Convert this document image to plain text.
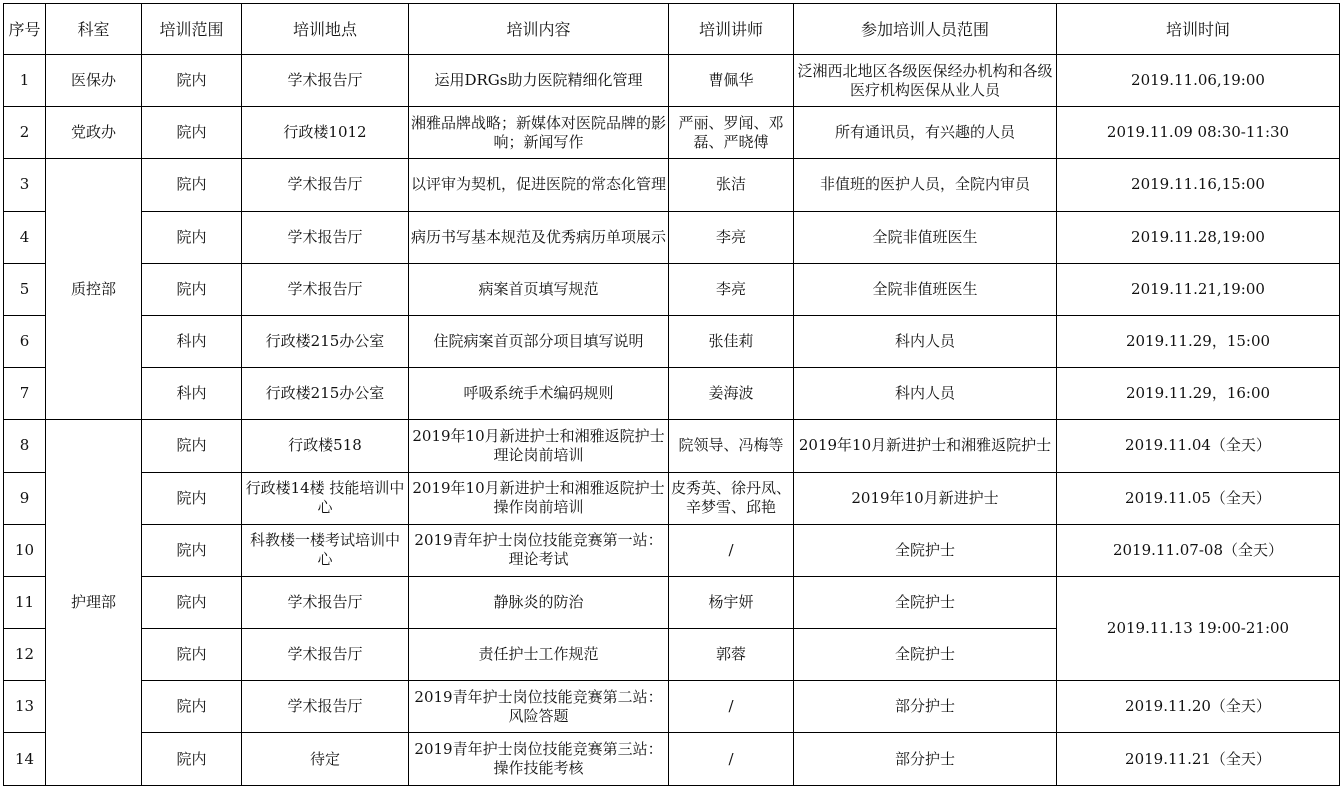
序号	科室	培训范围	培训地点	培训内容	培训讲师	参加培训人员范围	培训时间
1	医保办	院内	学术报告厅	运用DRGs助力医院精细化管理	曹佩华	泛湘西北地区各级医保经办机构和各级医疗机构医保从业人员	2019.11.06,19:00
2	党政办	院内	行政楼1012	湘雅品牌战略；新媒体对医院品牌的影响；新闻写作	严丽、罗闻、邓磊、严晓傅	所有通讯员，有兴趣的人员	2019.11.09 08:30-11:30
3	质控部	院内	学术报告厅	以评审为契机，促进医院的常态化管理	张洁	非值班的医护人员，全院内审员	2019.11.16,15:00
4		院内	学术报告厅	病历书写基本规范及优秀病历单项展示	李亮	全院非值班医生	2019.11.28,19:00
5		院内	学术报告厅	病案首页填写规范	李亮	全院非值班医生	2019.11.21,19:00
6		科内	行政楼215办公室	住院病案首页部分项目填写说明	张佳莉	科内人员	2019.11.29，15:00
7		科内	行政楼215办公室	呼吸系统手术编码规则	姜海波	科内人员	2019.11.29，16:00
8	护理部	院内	行政楼518	2019年10月新进护士和湘雅返院护士理论岗前培训	院领导、冯梅等	2019年10月新进护士和湘雅返院护士	2019.11.04（全天）
9		院内	行政楼14楼 技能培训中心	2019年10月新进护士和湘雅返院护士操作岗前培训	皮秀英、徐丹凤、辛梦雪、邱艳	2019年10月新进护士	2019.11.05（全天）
10		院内	科教楼一楼考试培训中心	2019青年护士岗位技能竞赛第一站：理论考试	/	全院护士	2019.11.07-08（全天）
11		院内	学术报告厅	静脉炎的防治	杨宇妍	全院护士	2019.11.13 19:00-21:00
12		院内	学术报告厅	责任护士工作规范	郭蓉	全院护士	
13		院内	学术报告厅	2019青年护士岗位技能竞赛第二站：风险答题	/	部分护士	2019.11.20（全天）
14		院内	待定	2019青年护士岗位技能竞赛第三站：操作技能考核	/	部分护士	2019.11.21（全天）
